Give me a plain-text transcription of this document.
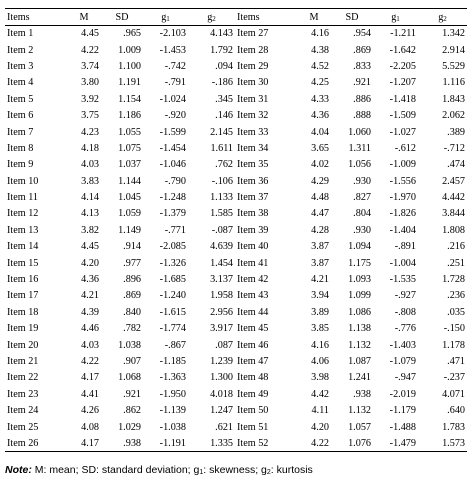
Items	M	SD	$g_1$	$g_2$	Items	M	SD	$g_1$	$g_2$
Item 1	4.45	.965	-2.103	4.143	Item 27	4.16	.954	-1.211	1.342
Item 2	4.22	1.009	-1.453	1.792	Item 28	4.38	.869	-1.642	2.914
Item 3	3.74	1.100	-.742	.094	Item 29	4.52	.833	-2.205	5.529
Item 4	3.80	1.191	-.791	-.186	Item 30	4.25	.921	-1.207	1.116
Item 5	3.92	1.154	-1.024	.345	Item 31	4.33	.886	-1.418	1.843
Item 6	3.75	1.186	-.920	.146	Item 32	4.36	.888	-1.509	2.062
Item 7	4.23	1.055	-1.599	2.145	Item 33	4.04	1.060	-1.027	.389
Item 8	4.18	1.075	-1.454	1.611	Item 34	3.65	1.311	-.612	-.712
Item 9	4.03	1.037	-1.046	.762	Item 35	4.02	1.056	-1.009	.474
Item 10	3.83	1.144	-.790	-.106	Item 36	4.29	.930	-1.556	2.457
Item 11	4.14	1.045	-1.248	1.133	Item 37	4.48	.827	-1.970	4.442
Item 12	4.13	1.059	-1.379	1.585	Item 38	4.47	.804	-1.826	3.844
Item 13	3.82	1.149	-.771	-.087	Item 39	4.28	.930	-1.404	1.808
Item 14	4.45	.914	-2.085	4.639	Item 40	3.87	1.094	-.891	.216
Item 15	4.20	.977	-1.326	1.454	Item 41	3.87	1.175	-1.004	.251
Item 16	4.36	.896	-1.685	3.137	Item 42	4.21	1.093	-1.535	1.728
Item 17	4.21	.869	-1.240	1.958	Item 43	3.94	1.099	-.927	.236
Item 18	4.39	.840	-1.615	2.956	Item 44	3.89	1.086	-.808	.035
Item 19	4.46	.782	-1.774	3.917	Item 45	3.85	1.138	-.776	-.150
Item 20	4.03	1.038	-.867	.087	Item 46	4.16	1.132	-1.403	1.178
Item 21	4.22	.907	-1.185	1.239	Item 47	4.06	1.087	-1.079	.471
Item 22	4.17	1.068	-1.363	1.300	Item 48	3.98	1.241	-.947	-.237
Item 23	4.41	.921	-1.950	4.018	Item 49	4.42	.938	-2.019	4.071
Item 24	4.26	.862	-1.139	1.247	Item 50	4.11	1.132	-1.179	.640
Item 25	4.08	1.029	-1.038	.621	Item 51	4.20	1.057	-1.488	1.783
Item 26	4.17	.938	-1.191	1.335	Item 52	4.22	1.076	-1.479	1.573
Note: M: mean; SD: standard deviation; $g_1$: skewness; $g_2$: kurtosis
